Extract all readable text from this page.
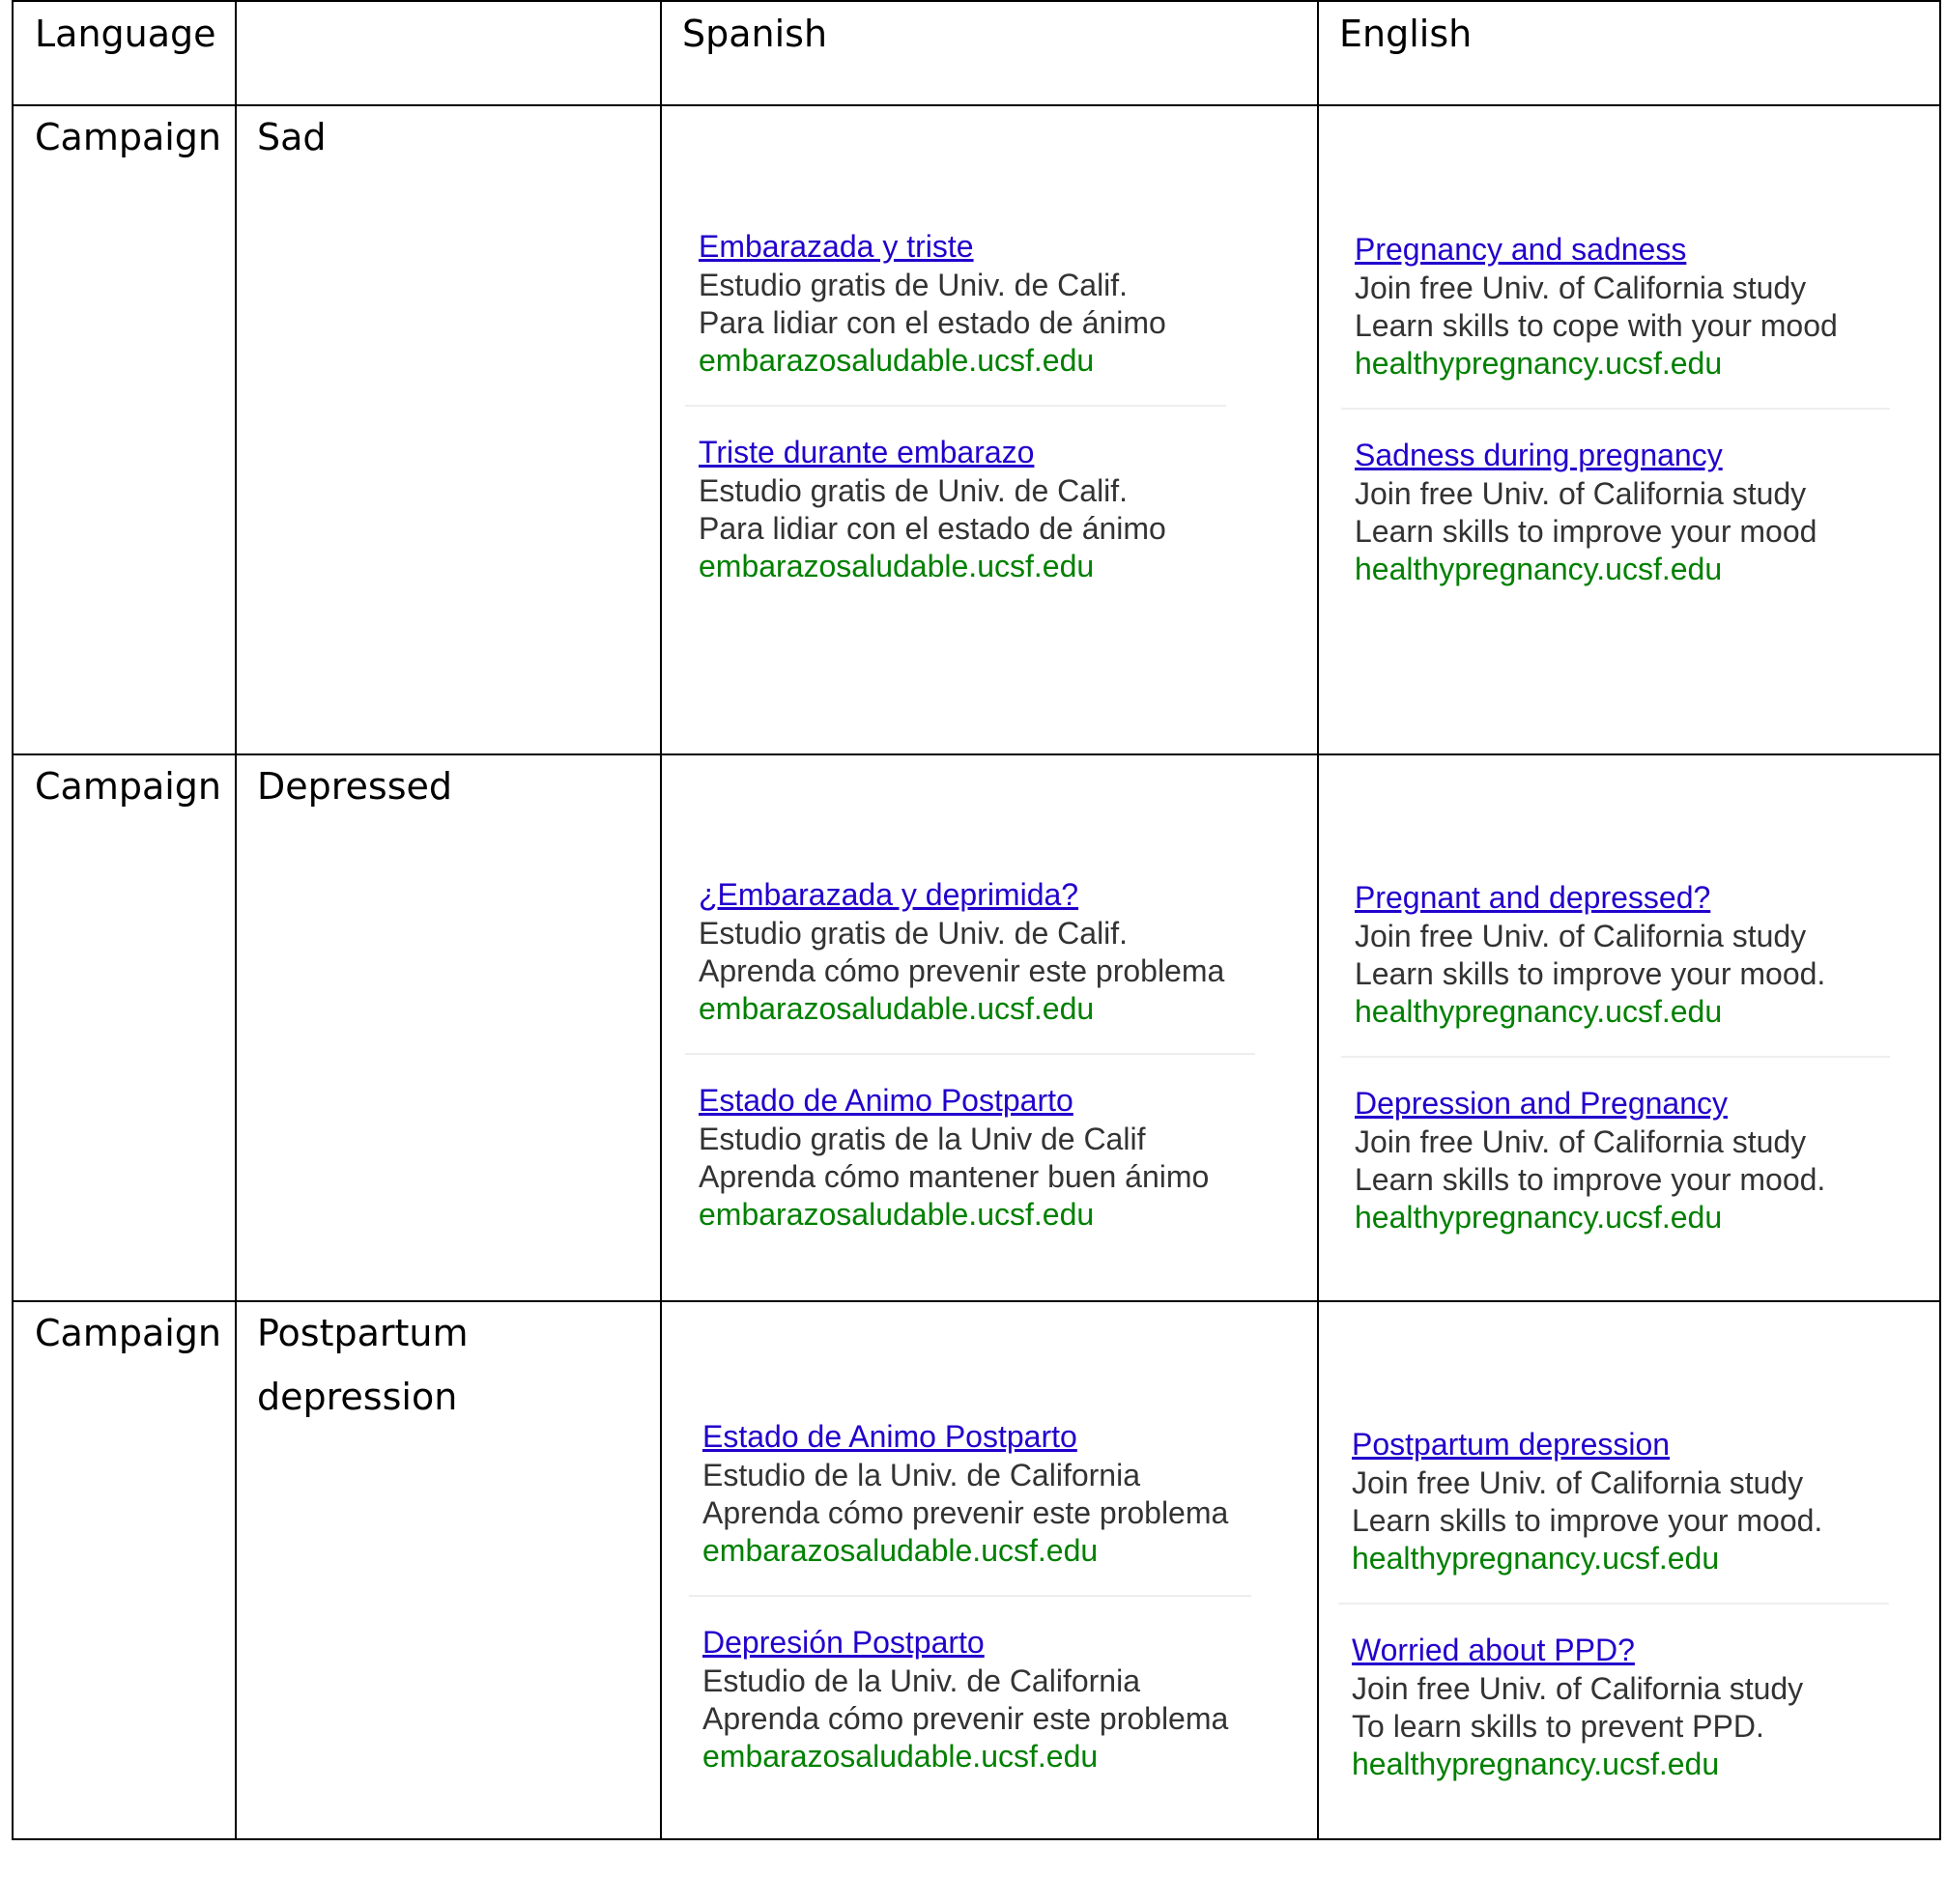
Language	Spanish	English
Campaign Sad
Embarazada y triste
Estudio gratis de Univ. de Calif.
Para lidiar con el estado de ánimo
embarazosaludable.ucsf.edu
Triste durante embarazo
Estudio gratis de Univ. de Calif.
Para lidiar con el estado de ánimo
embarazosaludable.ucsf.edu
Pregnancy and sadness
Join free Univ. of California study
Learn skills to cope with your mood
healthypregnancy.ucsf.edu
Sadness during pregnancy
Join free Univ. of California study
Learn skills to improve your mood
healthypregnancy.ucsf.edu
Campaign Depressed
¿Embarazada y deprimida?
Estudio gratis de Univ. de Calif.
Aprenda cómo prevenir este problema
embarazosaludable.ucsf.edu
Estado de Animo Postparto
Estudio gratis de la Univ de Calif
Aprenda cómo mantener buen ánimo
embarazosaludable.ucsf.edu
Pregnant and depressed?
Join free Univ. of California study
Learn skills to improve your mood.
healthypregnancy.ucsf.edu
Depression and Pregnancy
Join free Univ. of California study
Learn skills to improve your mood.
healthypregnancy.ucsf.edu
Campaign Postpartum depression
Estado de Animo Postparto
Estudio de la Univ. de California
Aprenda cómo prevenir este problema
embarazosaludable.ucsf.edu
Depresión Postparto
Estudio de la Univ. de California
Aprenda cómo prevenir este problema
embarazosaludable.ucsf.edu
Postpartum depression
Join free Univ. of California study
Learn skills to improve your mood.
healthypregnancy.ucsf.edu
Worried about PPD?
Join free Univ. of California study
To learn skills to prevent PPD.
healthypregnancy.ucsf.edu
